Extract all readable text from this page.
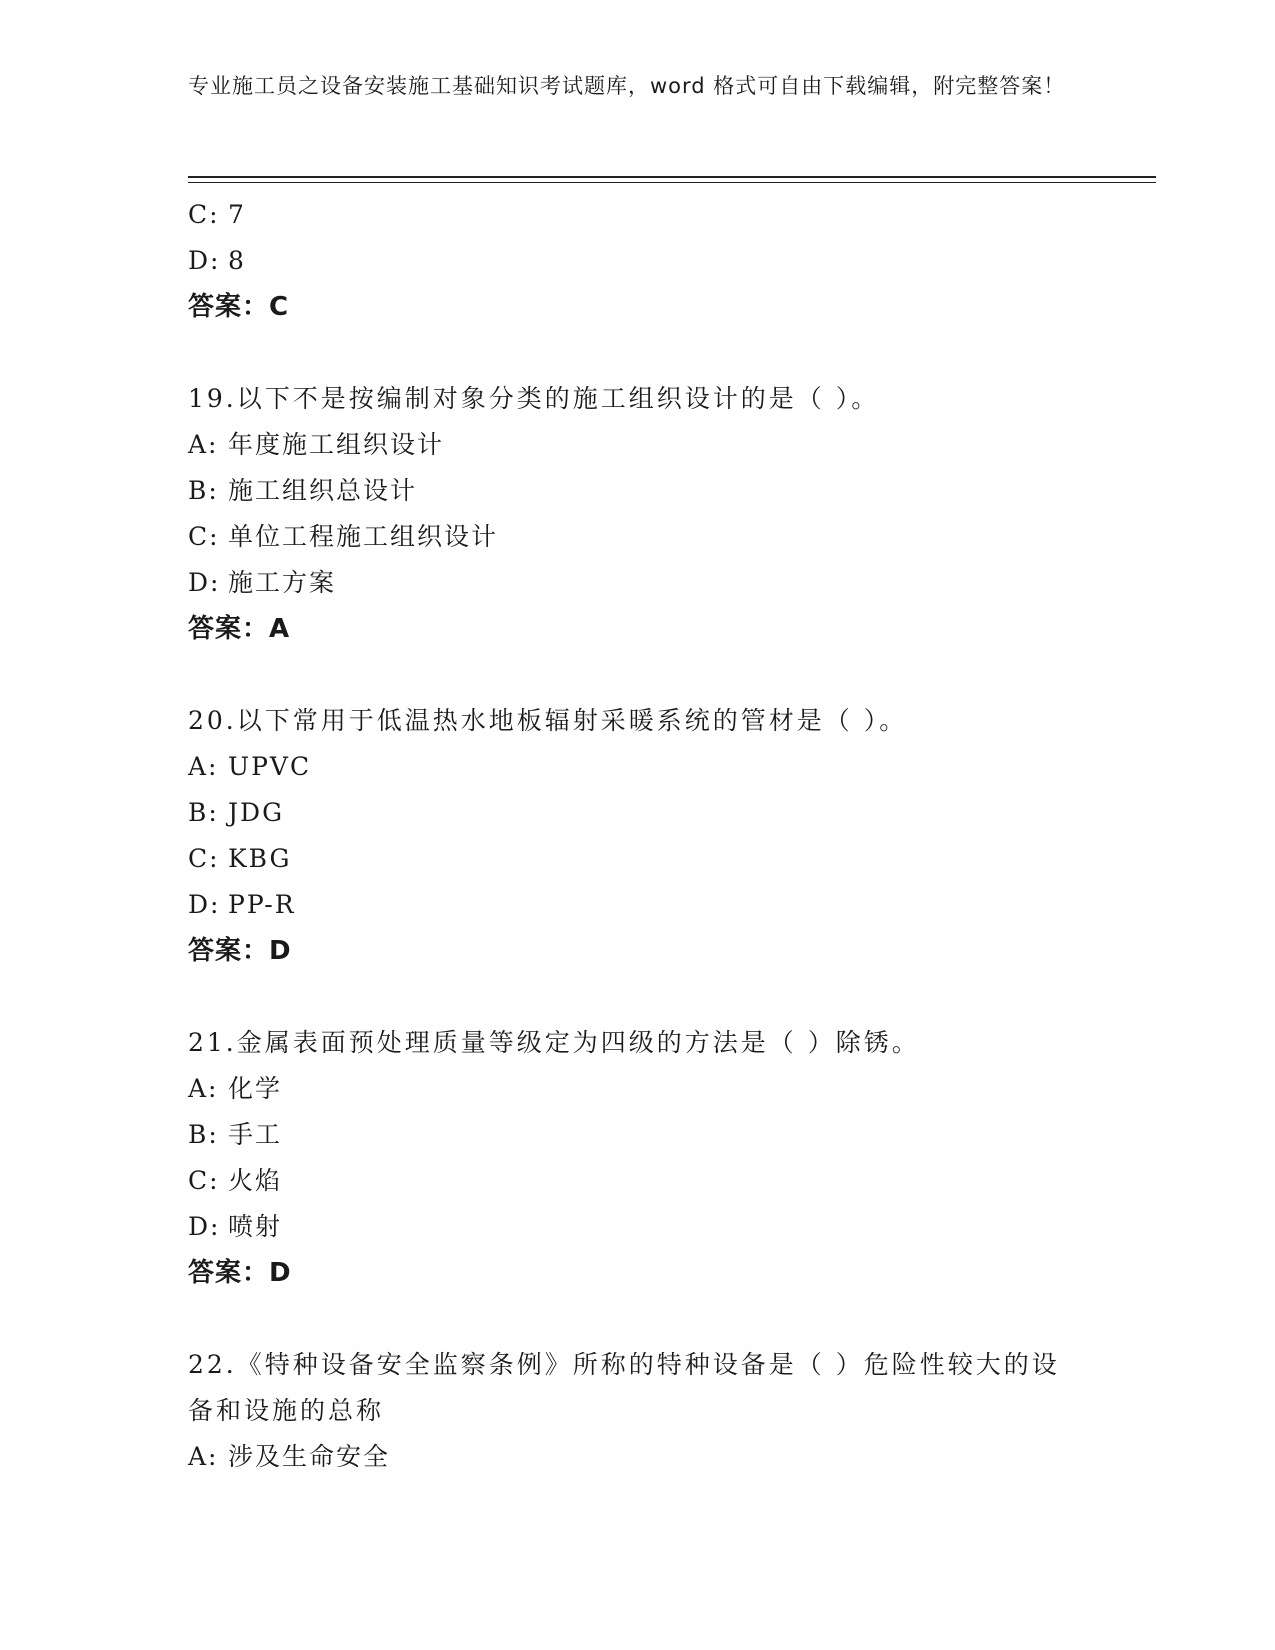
专业施工员之设备安装施工基础知识考试题库，word 格式可自由下载编辑，附完整答案！
C: 7
D: 8
答案：C
19.以下不是按编制对象分类的施工组织设计的是（ ）。
A: 年度施工组织设计
B: 施工组织总设计
C: 单位工程施工组织设计
D: 施工方案
答案：A
20.以下常用于低温热水地板辐射采暖系统的管材是（ ）。
A: UPVC
B: JDG
C: KBG
D: PP-R
答案：D
21.金属表面预处理质量等级定为四级的方法是（ ）除锈。
A: 化学
B: 手工
C: 火焰
D: 喷射
答案：D
22.《特种设备安全监察条例》所称的特种设备是（ ）危险性较大的设备和设施的总称
A: 涉及生命安全
